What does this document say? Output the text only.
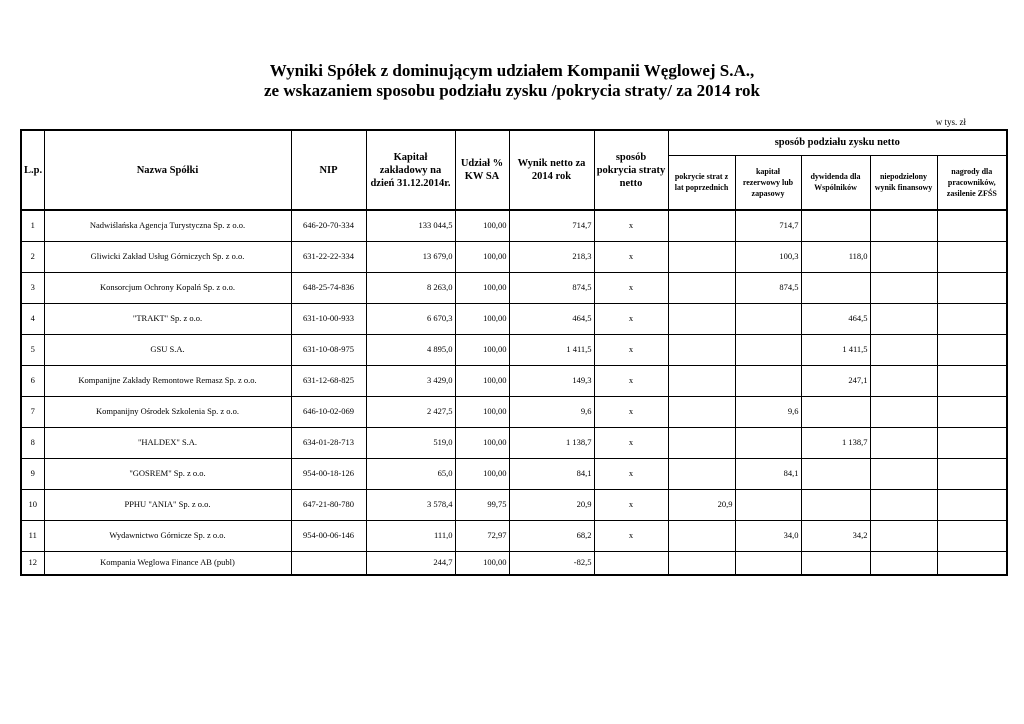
Wyniki Spółek z dominującym udziałem Kompanii Węglowej S.A.,
ze wskazaniem sposobu podziału zysku /pokrycia straty/ za 2014 rok
w tys. zł
L.p.	Nazwa Spółki	NIP	Kapitał zakładowy na dzień 31.12.2014r.	Udział % KW SA	Wynik netto za 2014 rok	sposób pokrycia straty netto	sposób podziału zysku netto				
							pokrycie strat z lat poprzednich	kapitał rezerwowy lub zapasowy	dywidenda dla Wspólników	niepodzielony wynik finansowy	nagrody dla pracowników, zasilenie ZFŚS
1	Nadwiślańska Agencja Turystyczna Sp. z o.o.	646-20-70-334	133 044,5	100,00	714,7	x		714,7			
2	Gliwicki Zakład Usług Górniczych Sp. z o.o.	631-22-22-334	13 679,0	100,00	218,3	x		100,3	118,0		
3	Konsorcjum Ochrony Kopalń Sp. z o.o.	648-25-74-836	8 263,0	100,00	874,5	x		874,5			
4	"TRAKT" Sp. z o.o.	631-10-00-933	6 670,3	100,00	464,5	x			464,5		
5	GSU S.A.	631-10-08-975	4 895,0	100,00	1 411,5	x			1 411,5		
6	Kompanijne Zakłady Remontowe Remasz Sp. z o.o.	631-12-68-825	3 429,0	100,00	149,3	x			247,1		
7	Kompanijny Ośrodek Szkolenia Sp. z o.o.	646-10-02-069	2 427,5	100,00	9,6	x		9,6			
8	"HALDEX" S.A.	634-01-28-713	519,0	100,00	1 138,7	x			1 138,7		
9	"GOSREM" Sp. z o.o.	954-00-18-126	65,0	100,00	84,1	x		84,1			
10	PPHU "ANIA" Sp. z o.o.	647-21-80-780	3 578,4	99,75	20,9	x	20,9				
11	Wydawnictwo Górnicze Sp. z o.o.	954-00-06-146	111,0	72,97	68,2	x		34,0	34,2		
12	Kompania Weglowa Finance AB (publ)		244,7	100,00	-82,5						
